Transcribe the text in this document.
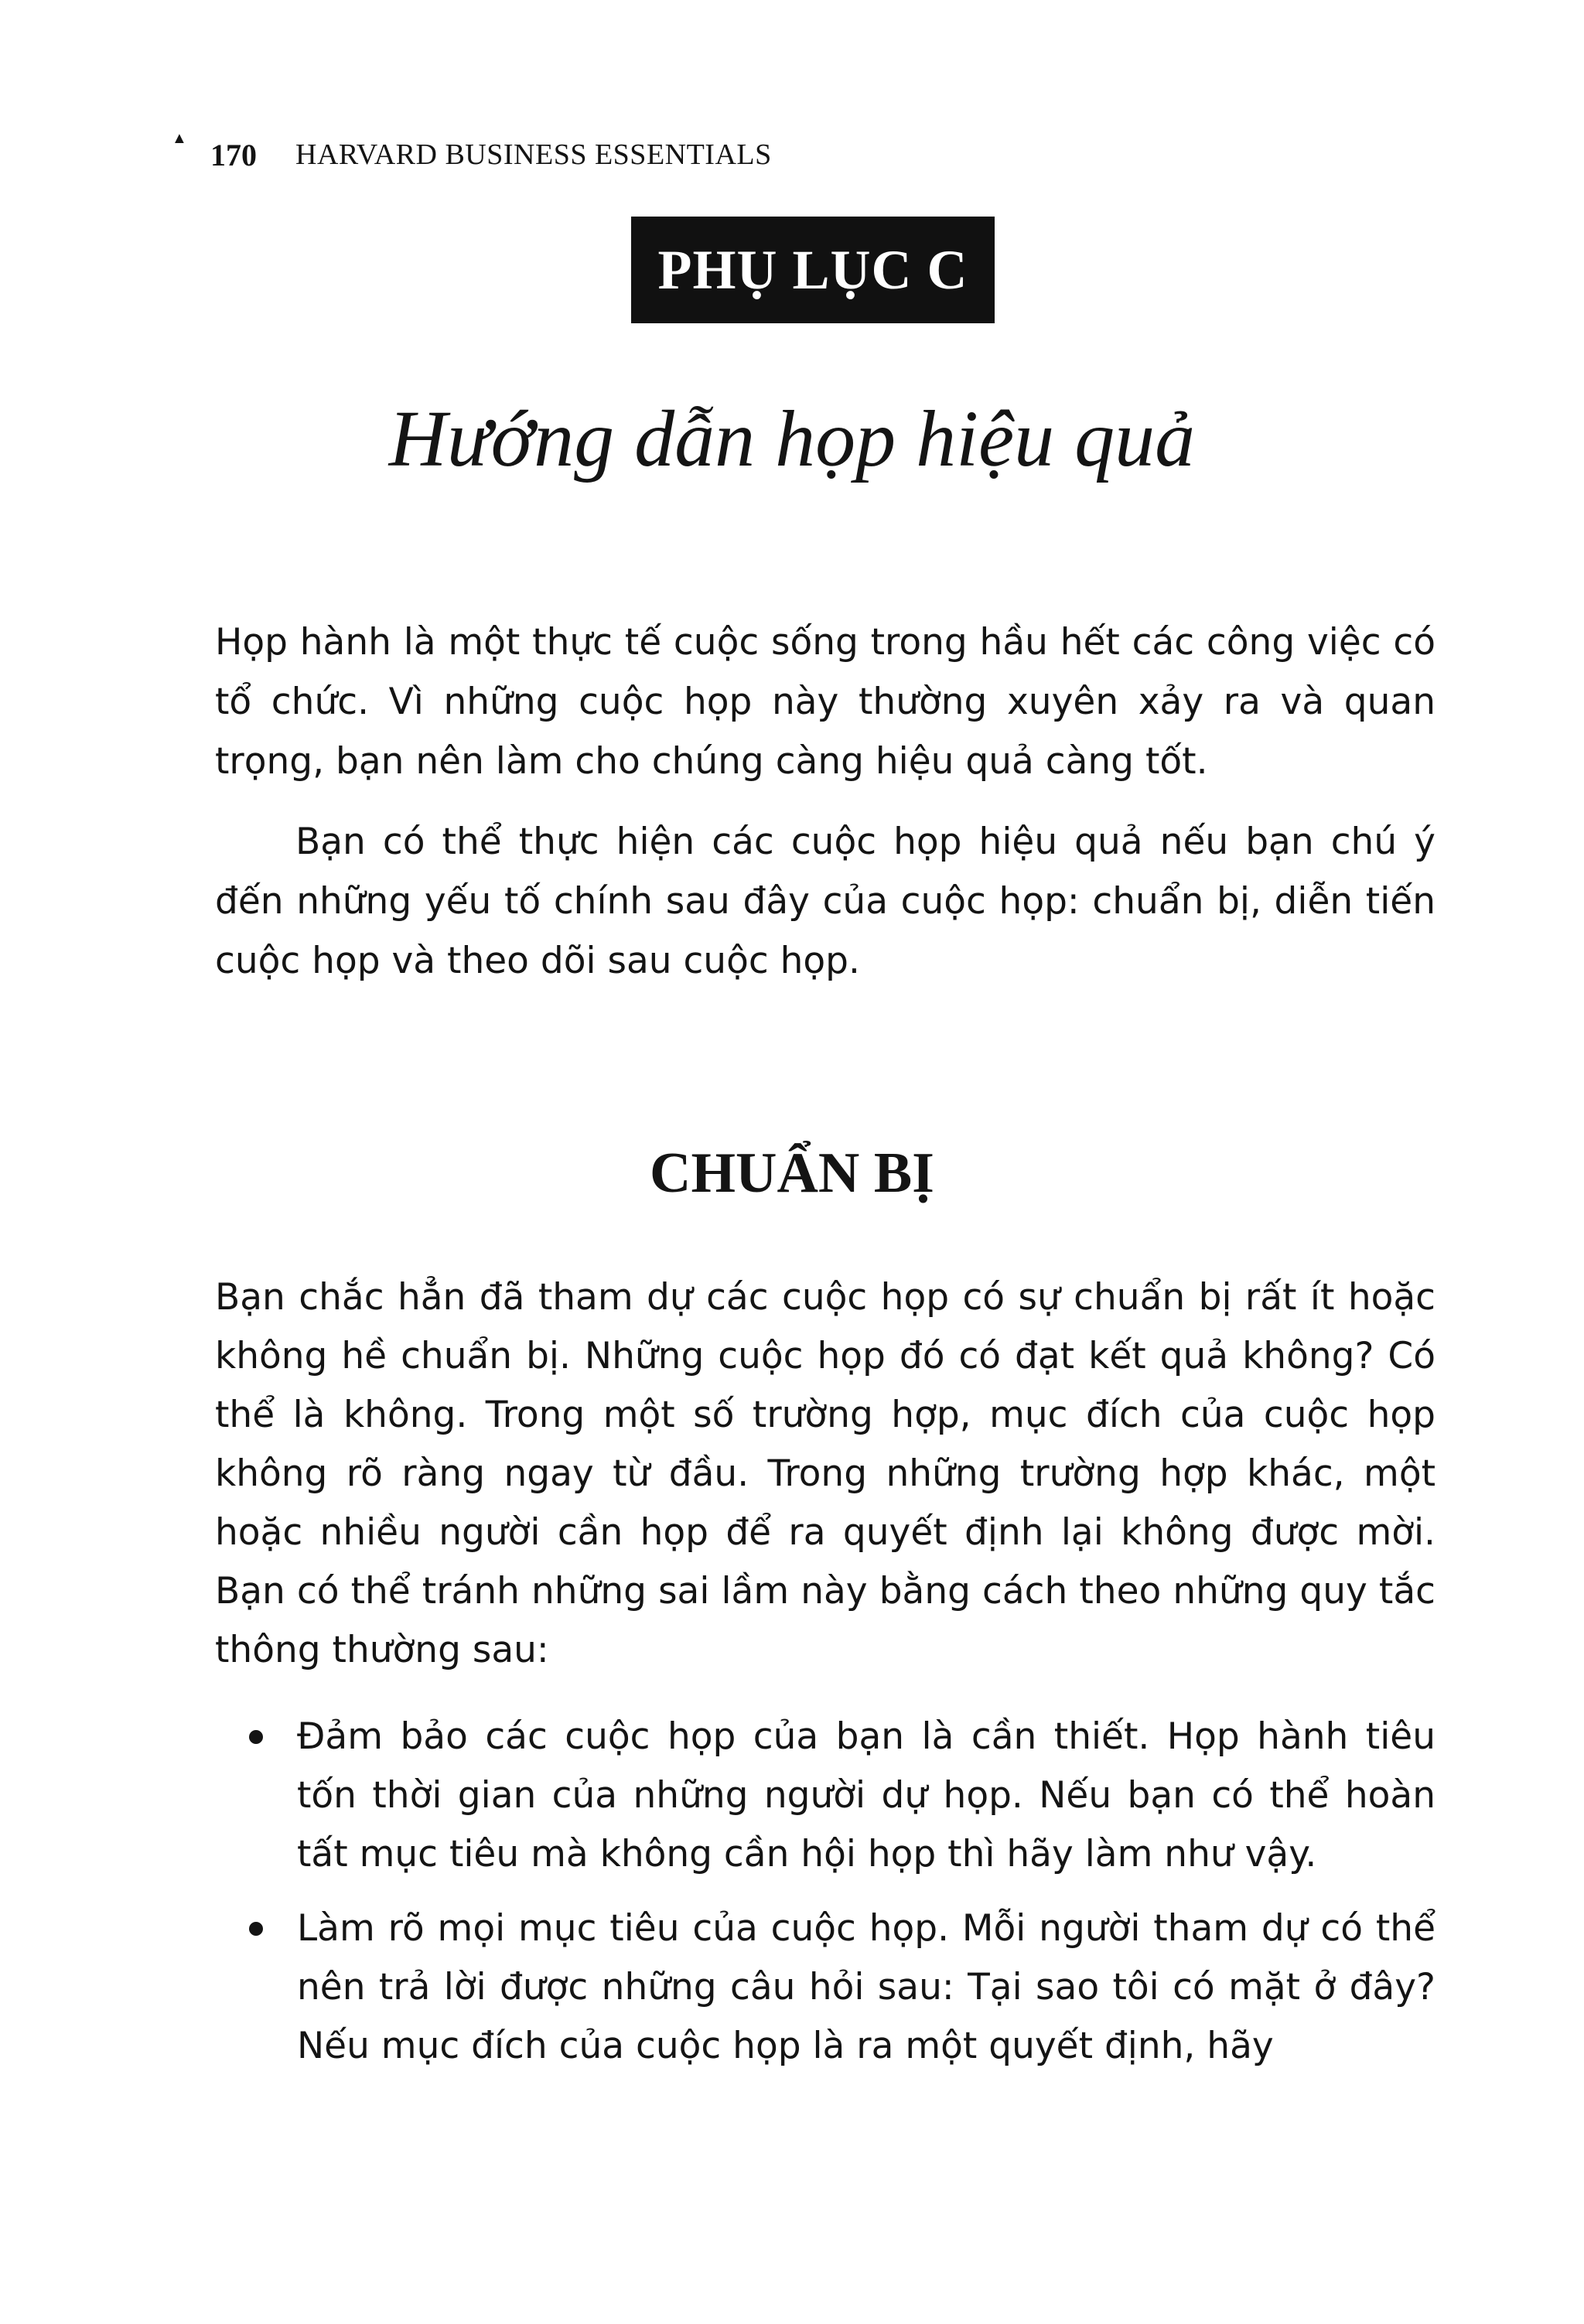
▲ 170 HARVARD BUSINESS ESSENTIALS
PHỤ LỤC C
Hướng dẫn họp hiệu quả

Họp hành là một thực tế cuộc sống trong hầu hết các công việc có tổ chức. Vì những cuộc họp này thường xuyên xảy ra và quan trọng, bạn nên làm cho chúng càng hiệu quả càng tốt.

Bạn có thể thực hiện các cuộc họp hiệu quả nếu bạn chú ý đến những yếu tố chính sau đây của cuộc họp: chuẩn bị, diễn tiến cuộc họp và theo dõi sau cuộc họp.

CHUẨN BỊ

Bạn chắc hẳn đã tham dự các cuộc họp có sự chuẩn bị rất ít hoặc không hề chuẩn bị. Những cuộc họp đó có đạt kết quả không? Có thể là không. Trong một số trường hợp, mục đích của cuộc họp không rõ ràng ngay từ đầu. Trong những trường hợp khác, một hoặc nhiều người cần họp để ra quyết định lại không được mời. Bạn có thể tránh những sai lầm này bằng cách theo những quy tắc thông thường sau:

Đảm bảo các cuộc họp của bạn là cần thiết. Họp hành tiêu tốn thời gian của những người dự họp. Nếu bạn có thể hoàn tất mục tiêu mà không cần hội họp thì hãy làm như vậy.
Làm rõ mọi mục tiêu của cuộc họp. Mỗi người tham dự có thể nên trả lời được những câu hỏi sau: Tại sao tôi có mặt ở đây? Nếu mục đích của cuộc họp là ra một quyết định, hãy
